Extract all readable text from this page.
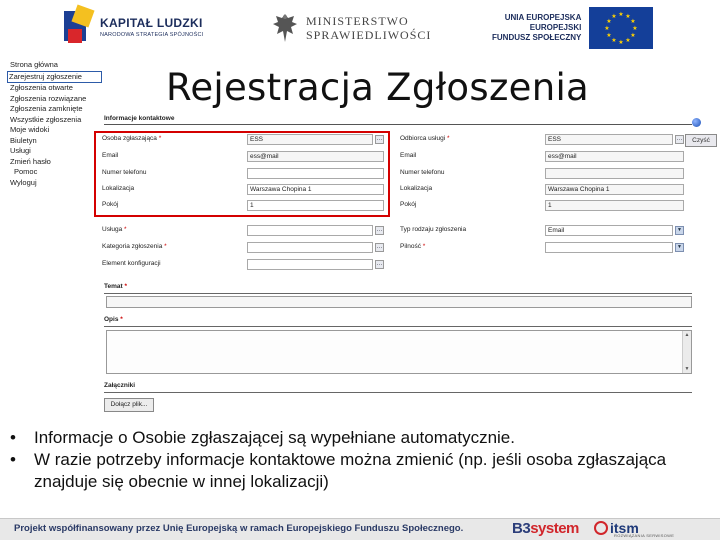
KAPITAŁ LUDZKI
NARODOWA STRATEGIA SPÓJNOŚCI
MINISTERSTWO
SPRAWIEDLIWOŚCI
UNIA EUROPEJSKA
EUROPEJSKI
FUNDUSZ SPOŁECZNY
★ ★
★
★
★
★
★
★
★
★
★
★
Strona główna
Zarejestruj zgłoszenie
Zgłoszenia otwarte
Zgłoszenia rozwiązane
Zgłoszenia zamknięte
Wszystkie zgłoszenia
Moje widoki
Biuletyn
Usługi
Zmień hasło
Pomoc
Wyloguj
Rejestracja Zgłoszenia
Informacje kontaktowe
Czyść
Osoba zgłaszająca *	ESS	…
Email	ess@mail
Numer telefonu
Lokalizacja	Warszawa Chopina 1
Pokój	1
Odbiorca usługi *	ESS	…
Email	ess@mail
Numer telefonu
Lokalizacja	Warszawa Chopina 1
Pokój	1
Usługa *	…
Kategoria zgłoszenia *	…
Element konfiguracji	…
Typ rodzaju zgłoszenia	Email	▼
Pilność *	▼
Temat *
Opis *
▲
▼
Załączniki
Dołącz plik...
• Informacje o Osobie zgłaszającej są wypełniane automatycznie.
• W razie potrzeby informacje kontaktowe można zmienić (np. jeśli osoba zgłaszająca znajduje się obecnie w innej lokalizacji)
Projekt współfinansowany przez Unię Europejską w ramach Europejskiego Funduszu Społecznego.	B3system itsm
ROZWIĄZANIA SERWISOWE
